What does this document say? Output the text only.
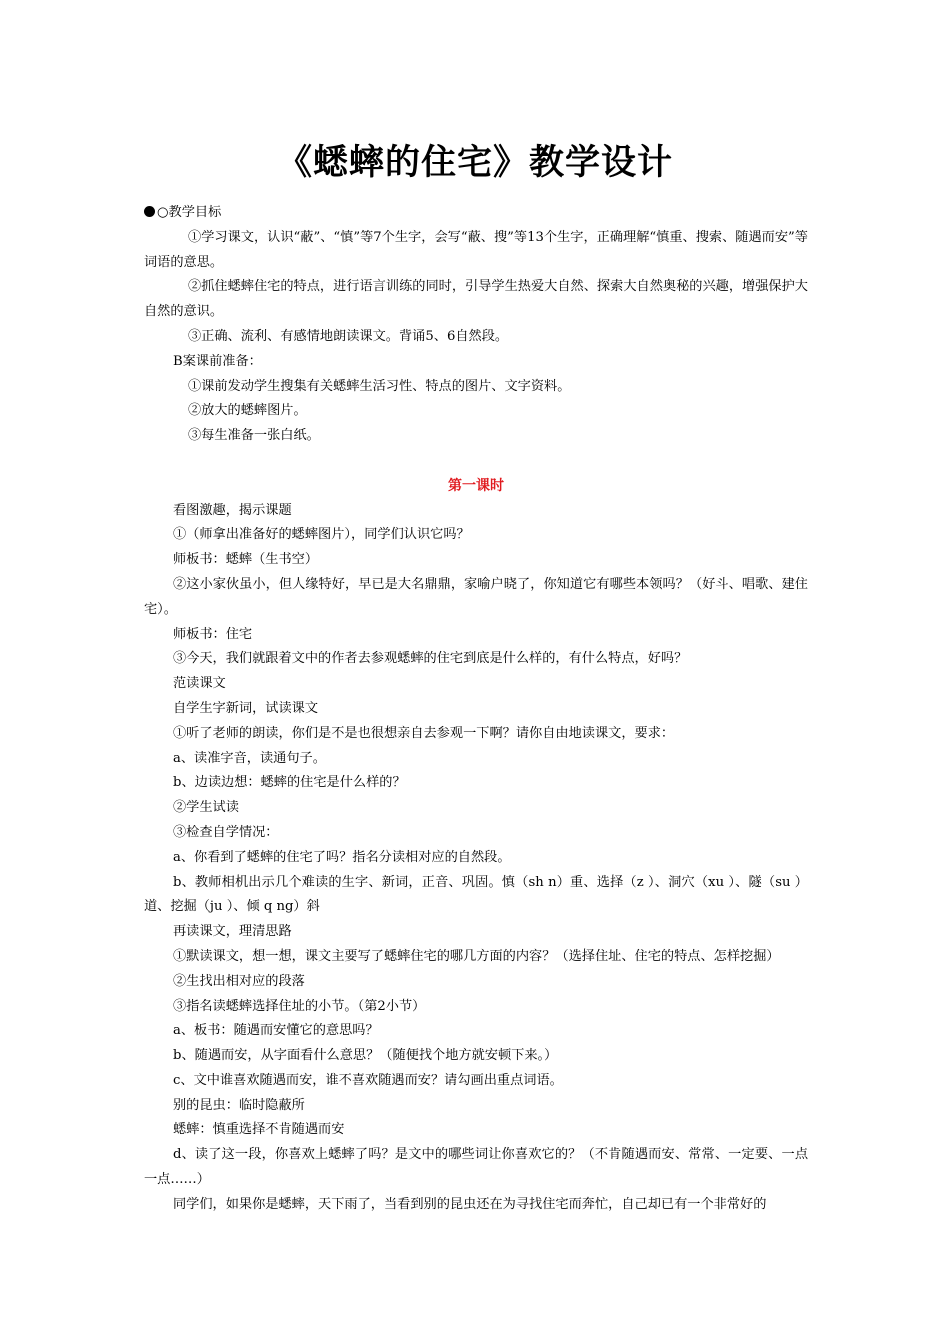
《蟋蟀的住宅》教学设计

○教学目标

①学习课文，认识“蔽”、“慎”等7个生字，会写“蔽、搜”等13个生字，正确理解“慎重、搜索、随遇而安”等词语的意思。

②抓住蟋蟀住宅的特点，进行语言训练的同时，引导学生热爱大自然、探索大自然奥秘的兴趣，增强保护大自然的意识。

③正确、流利、有感情地朗读课文。背诵5、6自然段。

B案课前准备：

①课前发动学生搜集有关蟋蟀生活习性、特点的图片、文字资料。

②放大的蟋蟀图片。

③每生准备一张白纸。

第一课时

看图激趣，揭示课题

①（师拿出准备好的蟋蟀图片），同学们认识它吗？

师板书：蟋蟀（生书空）

②这小家伙虽小，但人缘特好，早已是大名鼎鼎，家喻户晓了，你知道它有哪些本领吗？（好斗、唱歌、建住宅）。

师板书：住宅

③今天，我们就跟着文中的作者去参观蟋蟀的住宅到底是什么样的，有什么特点，好吗？

范读课文

自学生字新词，试读课文

①听了老师的朗读，你们是不是也很想亲自去参观一下啊？请你自由地读课文，要求：

a、读准字音，读通句子。

b、边读边想：蟋蟀的住宅是什么样的？

②学生试读

③检查自学情况：

a、你看到了蟋蟀的住宅了吗？指名分读相对应的自然段。

b、教师相机出示几个难读的生字、新词，正音、巩固。慎（sh n）重、选择（z ）、洞穴（xu ）、隧（su ）道、挖掘（ju ）、倾 q ng）斜

再读课文，理清思路

①默读课文，想一想，课文主要写了蟋蟀住宅的哪几方面的内容？（选择住址、住宅的特点、怎样挖掘）

②生找出相对应的段落

③指名读蟋蟀选择住址的小节。（第2小节）

a、板书：随遇而安懂它的意思吗？

b、随遇而安，从字面看什么意思？（随便找个地方就安顿下来。）

c、文中谁喜欢随遇而安，谁不喜欢随遇而安？请勾画出重点词语。

别的昆虫：临时隐蔽所

蟋蟀：慎重选择不肯随遇而安

d、读了这一段，你喜欢上蟋蟀了吗？是文中的哪些词让你喜欢它的？（不肯随遇而安、常常、一定要、一点一点……）

同学们，如果你是蟋蟀，天下雨了，当看到别的昆虫还在为寻找住宅而奔忙，自己却已有一个非常好的
